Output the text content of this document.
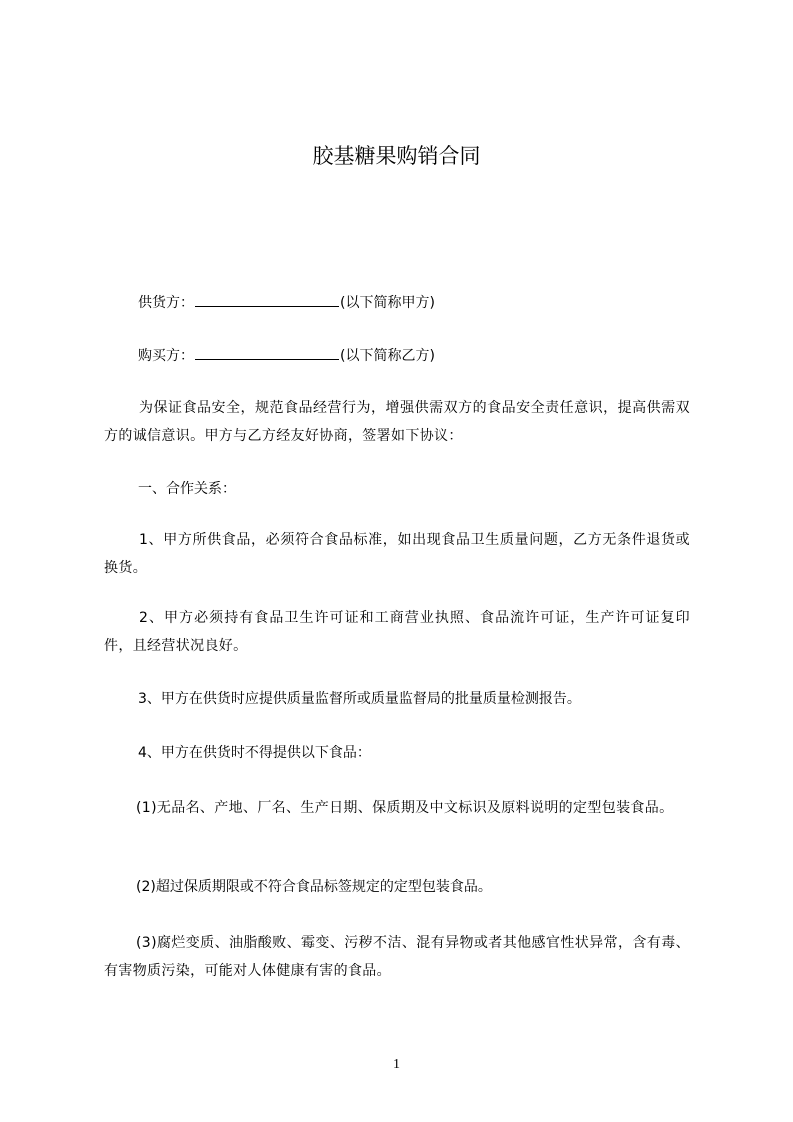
胶基糖果购销合同
供货方：	(以下简称甲方)
购买方：	(以下简称乙方)

为保证食品安全，规范食品经营行为，增强供需双方的食品安全责任意识，提高供需双方的诚信意识。甲方与乙方经友好协商，签署如下协议：

一、合作关系：

1、甲方所供食品，必须符合食品标准，如出现食品卫生质量问题，乙方无条件退货或换货。

2、甲方必须持有食品卫生许可证和工商营业执照、食品流许可证，生产许可证复印件，且经营状况良好。

3、甲方在供货时应提供质量监督所或质量监督局的批量质量检测报告。

4、甲方在供货时不得提供以下食品：

(1)无品名、产地、厂名、生产日期、保质期及中文标识及原料说明的定型包装食品。

(2)超过保质期限或不符合食品标签规定的定型包装食品。

(3)腐烂变质、油脂酸败、霉变、污秽不洁、混有异物或者其他感官性状异常，含有毒、有害物质污染，可能对人体健康有害的食品。

1
